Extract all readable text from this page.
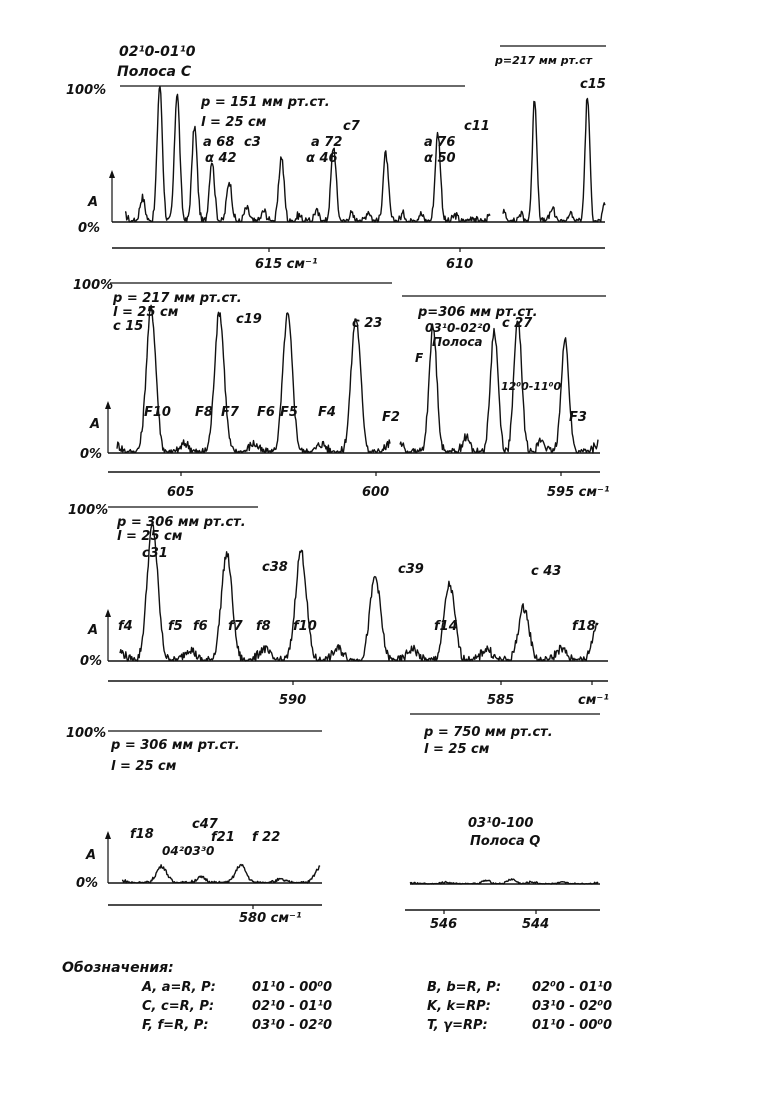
100%
0%
A
615 см⁻¹	610
02¹0-01¹0
Полоса C
p = 151 мм рт.ст.
l = 25 см
a 68
α 42
c3	a 72
α 46
c7
a 76
α 50
c11
p=217 мм рт.ст
c15
100%
0%
A
605	600	595 см⁻¹
p = 217 мм рт.ст.
l = 25 см
c 15	c19	c 23
p=306 мм рт.ст.
03¹0-02²0
Полоса
F
c 27
12⁰0-11⁰0
F10 F8 F7 F6 F5 F4	F2	F3
100%
0%
A
590	585	см⁻¹
p = 306 мм рт.ст.
l = 25 см
c31
c38	c39	c 43
f4	f5 f6 f7 f8 f10	f14	f18
100%
0%
A
580 см⁻¹
p = 306 мм рт.ст.
l = 25 см
f18
04²0
03³0
c47
f21 f 22
546	544
p = 750 мм рт.ст.
l = 25 см
03¹0-100
Полоса Q
Обозначения:
A, a=R, P:	01¹0 - 00⁰0	B, b=R, P: 02⁰0 - 01¹0
C, c=R, P:	02¹0 - 01¹0	K, k=RP:	03¹0 - 02⁰0
F, f=R, P:	03¹0 - 02²0	T, γ=RP:	01¹0 - 00⁰0
